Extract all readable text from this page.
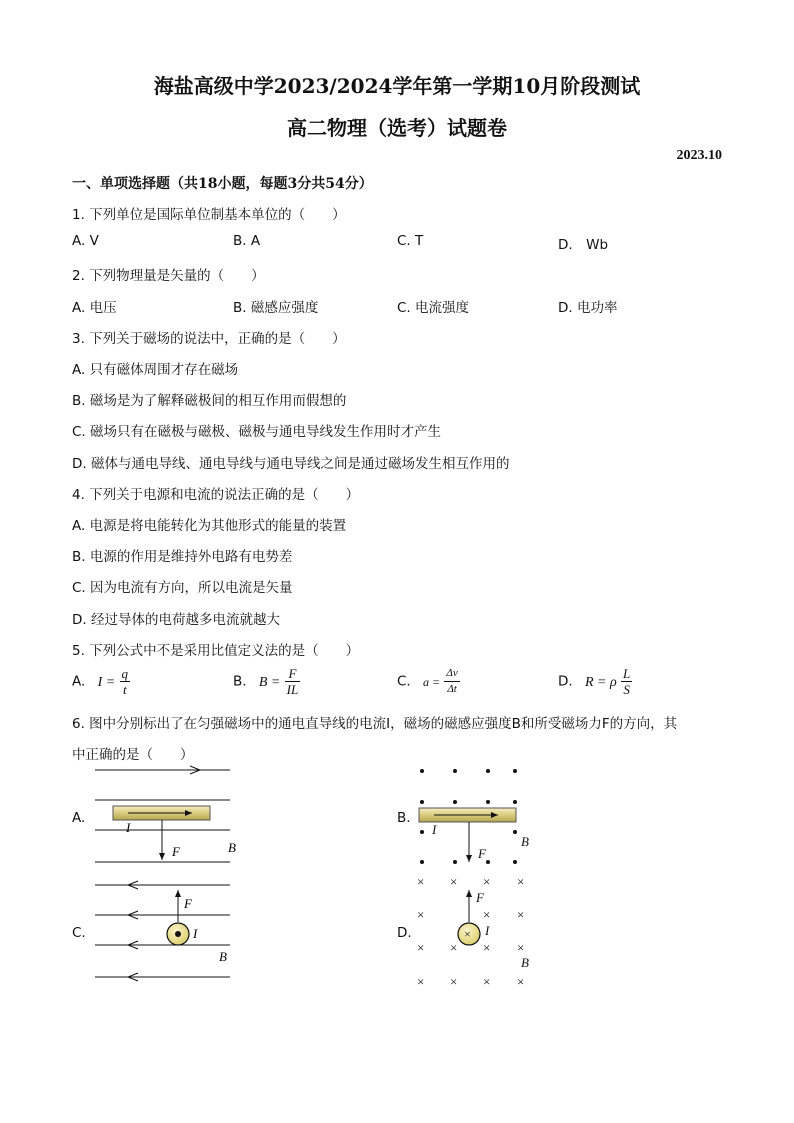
海盐高级中学2023/2024学年第一学期10月阶段测试
高二物理（选考）试题卷
2023.10
一、单项选择题（共18小题，每题3分共54分）
1. 下列单位是国际单位制基本单位的（　　）
A. V	B. A	C. T	D.　Wb
2. 下列物理量是矢量的（　　）
A. 电压	B. 磁感应强度	C. 电流强度	D. 电功率
3. 下列关于磁场的说法中，正确的是（　　）
A. 只有磁体周围才存在磁场
B. 磁场是为了解释磁极间的相互作用而假想的
C. 磁场只有在磁极与磁极、磁极与通电导线发生作用时才产生
D. 磁体与通电导线、通电导线与通电导线之间是通过磁场发生相互作用的
4. 下列关于电源和电流的说法正确的是（　　）
A. 电源是将电能转化为其他形式的能量的装置
B. 电源的作用是维持外电路有电势差
C. 因为电流有方向，所以电流是矢量
D. 经过导体的电荷越多电流就越大
5. 下列公式中不是采用比值定义法的是（　　）
A. $I = \frac{q}{t}$	B. $B = \frac{F}{IL}$	C. $a = \frac{\Delta v}{\Delta t}$	D. R = ρ $\frac{L}{S}$
6. 图中分别标出了在匀强磁场中的通电直导线的电流I，磁场的磁感应强度B和所受磁场力F的方向，其
中正确的是（　　）
A.	B.
C.	D.
I
F	B
I
F
B
F
I
B
× × × ×
×	× ×
× × × ×
× × × ×
×
F
I
B
